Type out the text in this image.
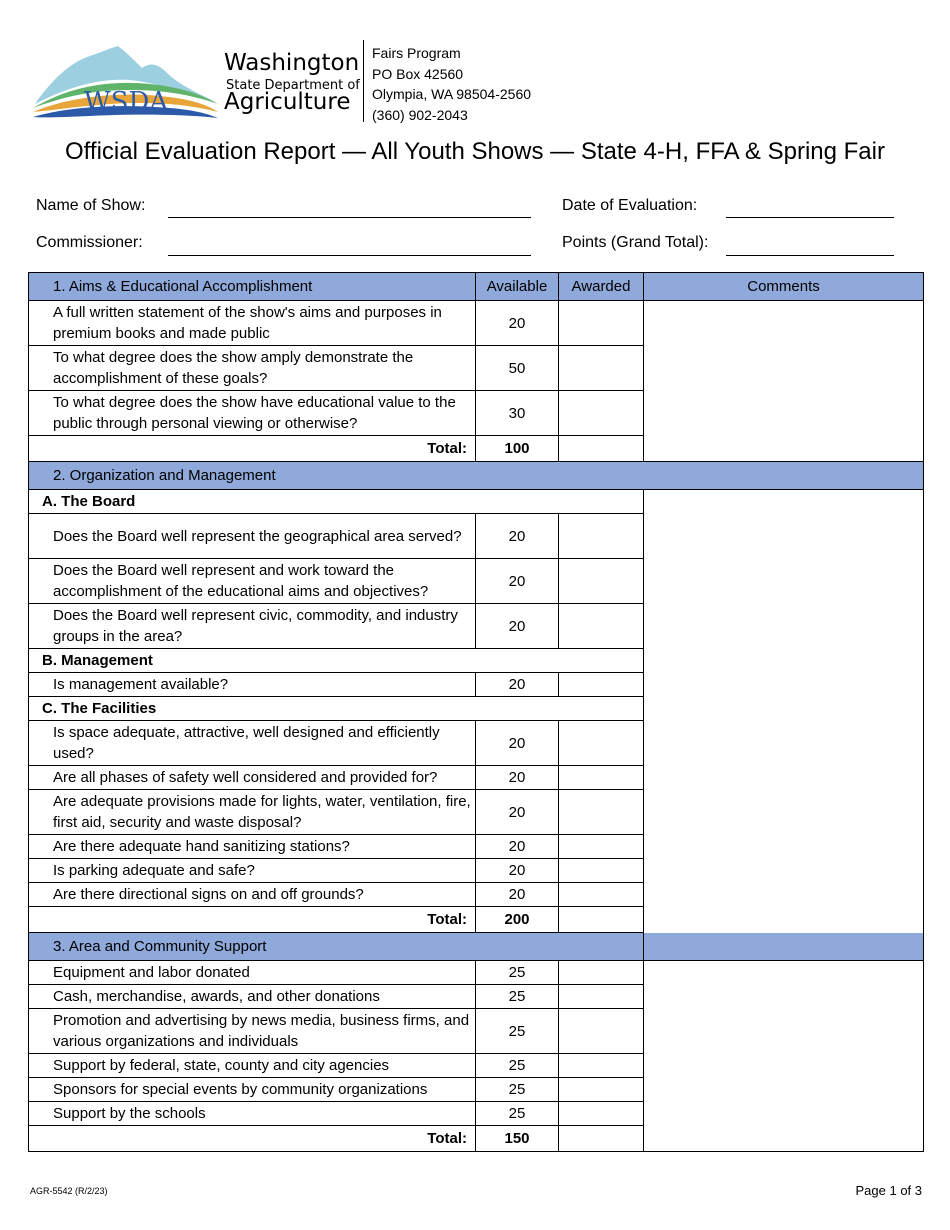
WSDA
Washington
State Department of
Agriculture
Fairs Program
PO Box 42560
Olympia, WA 98504-2560
(360) 902-2043
Official Evaluation Report — All Youth Shows — State 4-H, FFA & Spring Fair
Name of Show:	Date of Evaluation:
Commissioner:	Points (Grand Total):
1. Aims & Educational Accomplishment	Available	Awarded	Comments
A full written statement of the show's aims and purposes in premium books and made public	20		
To what degree does the show amply demonstrate the accomplishment of these goals?	50		
To what degree does the show have educational value to the public through personal viewing or otherwise?	30		
Total:	100		
2. Organization and Management			
A. The Board			
Does the Board well represent the geographical area served?	20		
Does the Board well represent and work toward the accomplishment of the educational aims and objectives?	20		
Does the Board well represent civic, commodity, and industry groups in the area?	20		
B. Management			
Is management available?	20		
C. The Facilities			
Is space adequate, attractive, well designed and efficiently used?	20		
Are all phases of safety well considered and provided for?	20		
Are adequate provisions made for lights, water, ventilation, fire, first aid, security and waste disposal?	20		
Are there adequate hand sanitizing stations?	20		
Is parking adequate and safe?	20		
Are there directional signs on and off grounds?	20		
Total:	200		
3. Area and Community Support			
Equipment and labor donated	25		
Cash, merchandise, awards, and other donations	25		
Promotion and advertising by news media, business firms, and various organizations and individuals	25		
Support by federal, state, county and city agencies	25		
Sponsors for special events by community organizations	25		
Support by the schools	25		
Total:	150		
AGR-5542 (R/2/23)	Page 1 of 3
